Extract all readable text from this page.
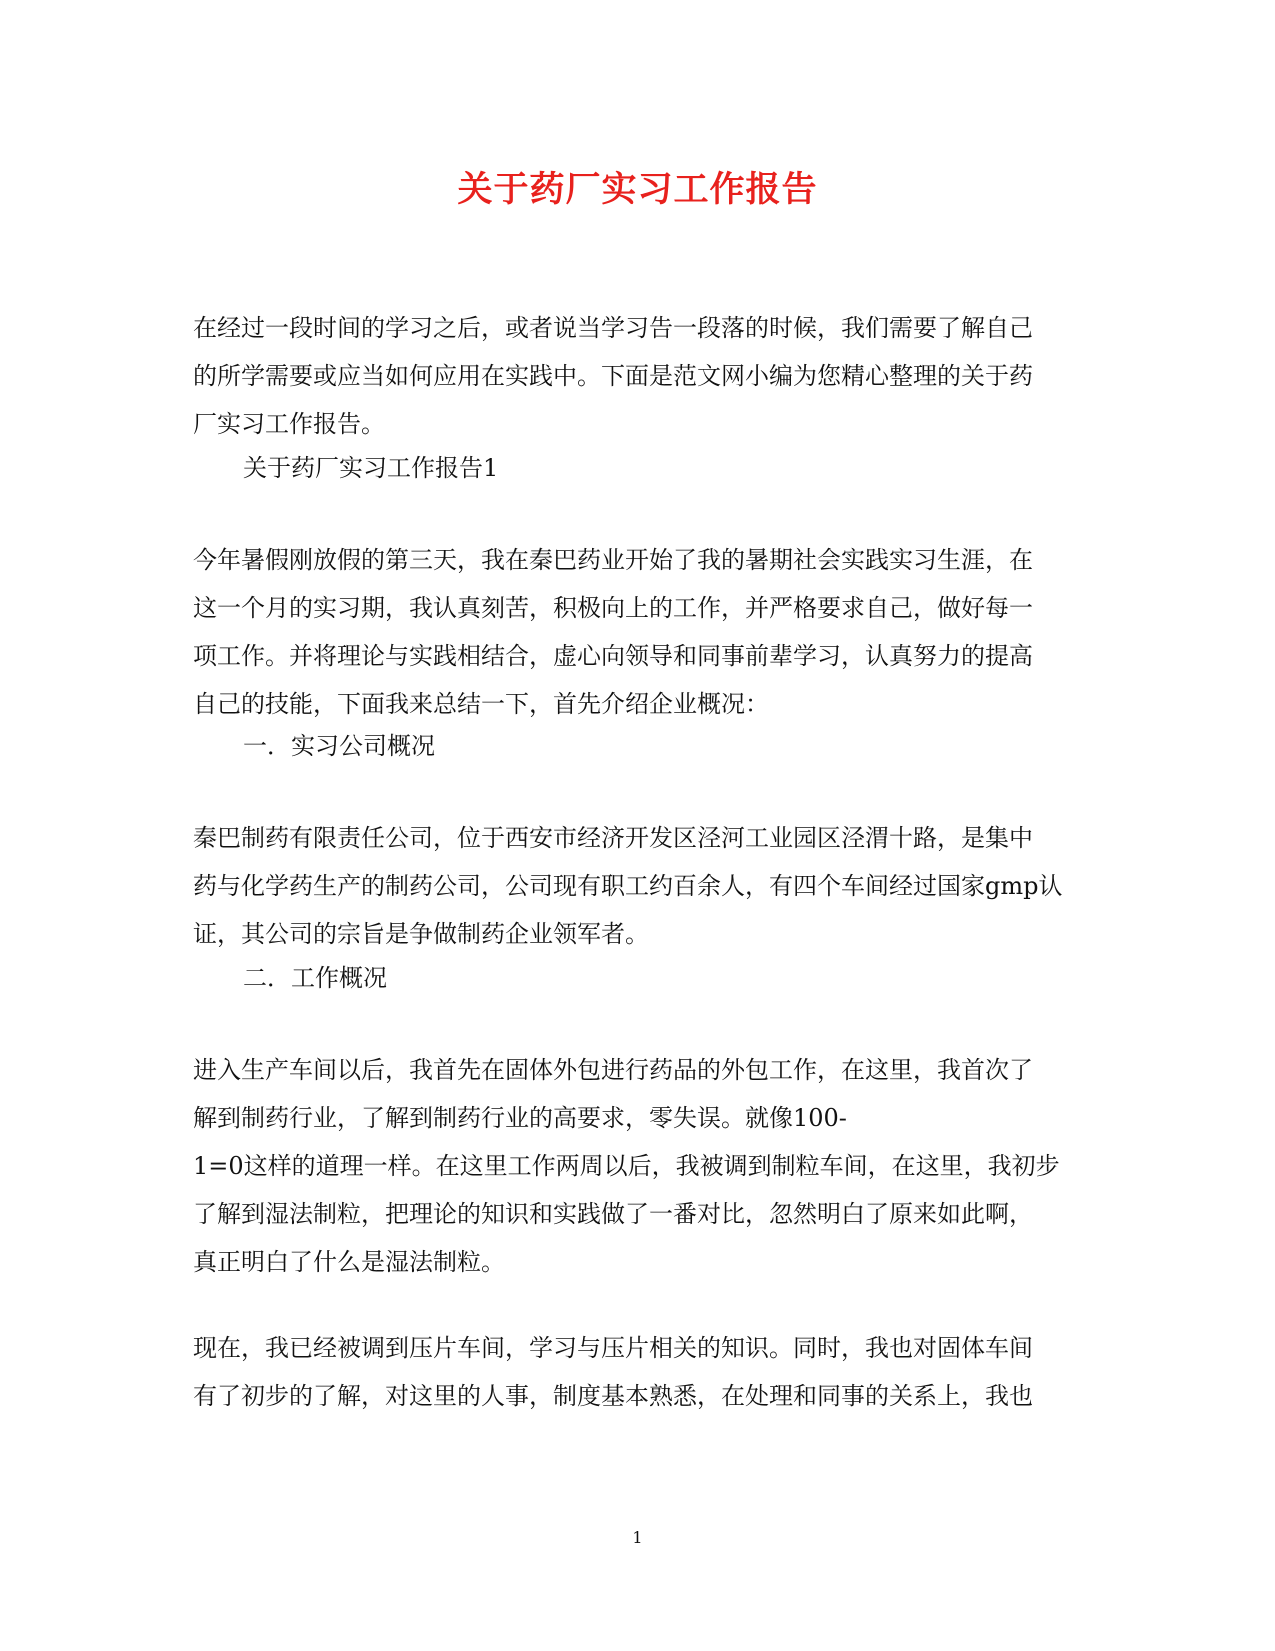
关于药厂实习工作报告
在经过一段时间的学习之后，或者说当学习告一段落的时候，我们需要了解自己
的所学需要或应当如何应用在实践中。下面是范文网小编为您精心整理的关于药
厂实习工作报告。
关于药厂实习工作报告1
今年暑假刚放假的第三天，我在秦巴药业开始了我的暑期社会实践实习生涯，在
这一个月的实习期，我认真刻苦，积极向上的工作，并严格要求自己，做好每一
项工作。并将理论与实践相结合，虚心向领导和同事前辈学习，认真努力的提高
自己的技能，下面我来总结一下，首先介绍企业概况：
一．实习公司概况
秦巴制药有限责任公司，位于西安市经济开发区泾河工业园区泾渭十路，是集中
药与化学药生产的制药公司，公司现有职工约百余人，有四个车间经过国家gmp认
证，其公司的宗旨是争做制药企业领军者。
二．工作概况
进入生产车间以后，我首先在固体外包进行药品的外包工作，在这里，我首次了
解到制药行业，了解到制药行业的高要求，零失误。就像100-
1=0这样的道理一样。在这里工作两周以后，我被调到制粒车间，在这里，我初步
了解到湿法制粒，把理论的知识和实践做了一番对比，忽然明白了原来如此啊，
真正明白了什么是湿法制粒。
现在，我已经被调到压片车间，学习与压片相关的知识。同时，我也对固体车间
有了初步的了解，对这里的人事，制度基本熟悉，在处理和同事的关系上，我也
1
